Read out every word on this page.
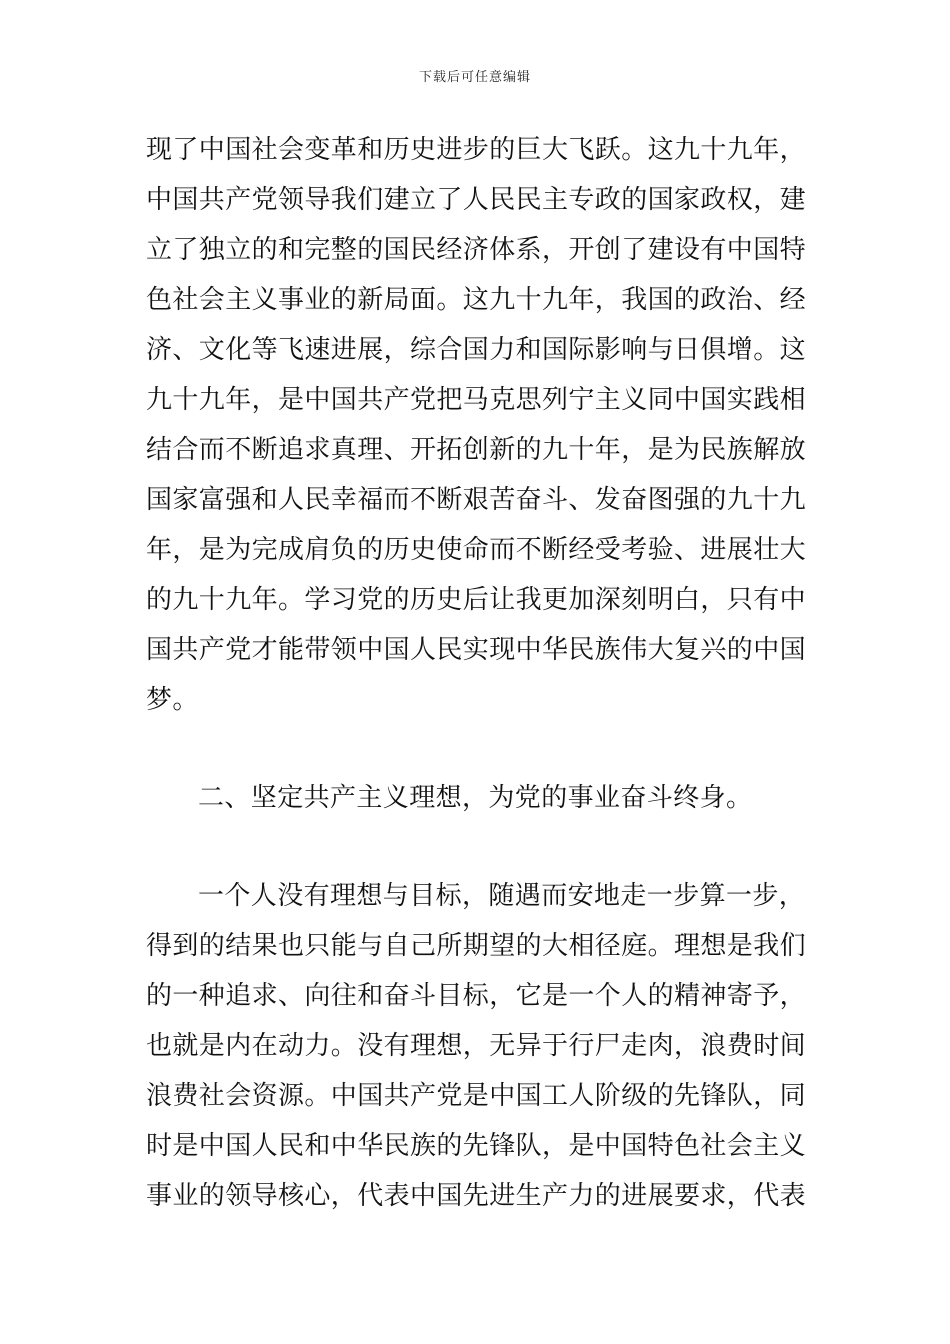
下载后可任意编辑
现了中国社会变革和历史进步的巨大飞跃。这九十九年，
中国共产党领导我们建立了人民民主专政的国家政权，建
立了独立的和完整的国民经济体系，开创了建设有中国特
色社会主义事业的新局面。这九十九年，我国的政治、经
济、文化等飞速进展，综合国力和国际影响与日俱增。这
九十九年，是中国共产党把马克思列宁主义同中国实践相
结合而不断追求真理、开拓创新的九十年，是为民族解放
国家富强和人民幸福而不断艰苦奋斗、发奋图强的九十九
年，是为完成肩负的历史使命而不断经受考验、进展壮大
的九十九年。学习党的历史后让我更加深刻明白，只有中
国共产党才能带领中国人民实现中华民族伟大复兴的中国
梦。
二、坚定共产主义理想，为党的事业奋斗终身。
一个人没有理想与目标，随遇而安地走一步算一步，
得到的结果也只能与自己所期望的大相径庭。理想是我们
的一种追求、向往和奋斗目标，它是一个人的精神寄予，
也就是内在动力。没有理想，无异于行尸走肉，浪费时间
浪费社会资源。中国共产党是中国工人阶级的先锋队，同
时是中国人民和中华民族的先锋队，是中国特色社会主义
事业的领导核心，代表中国先进生产力的进展要求，代表
